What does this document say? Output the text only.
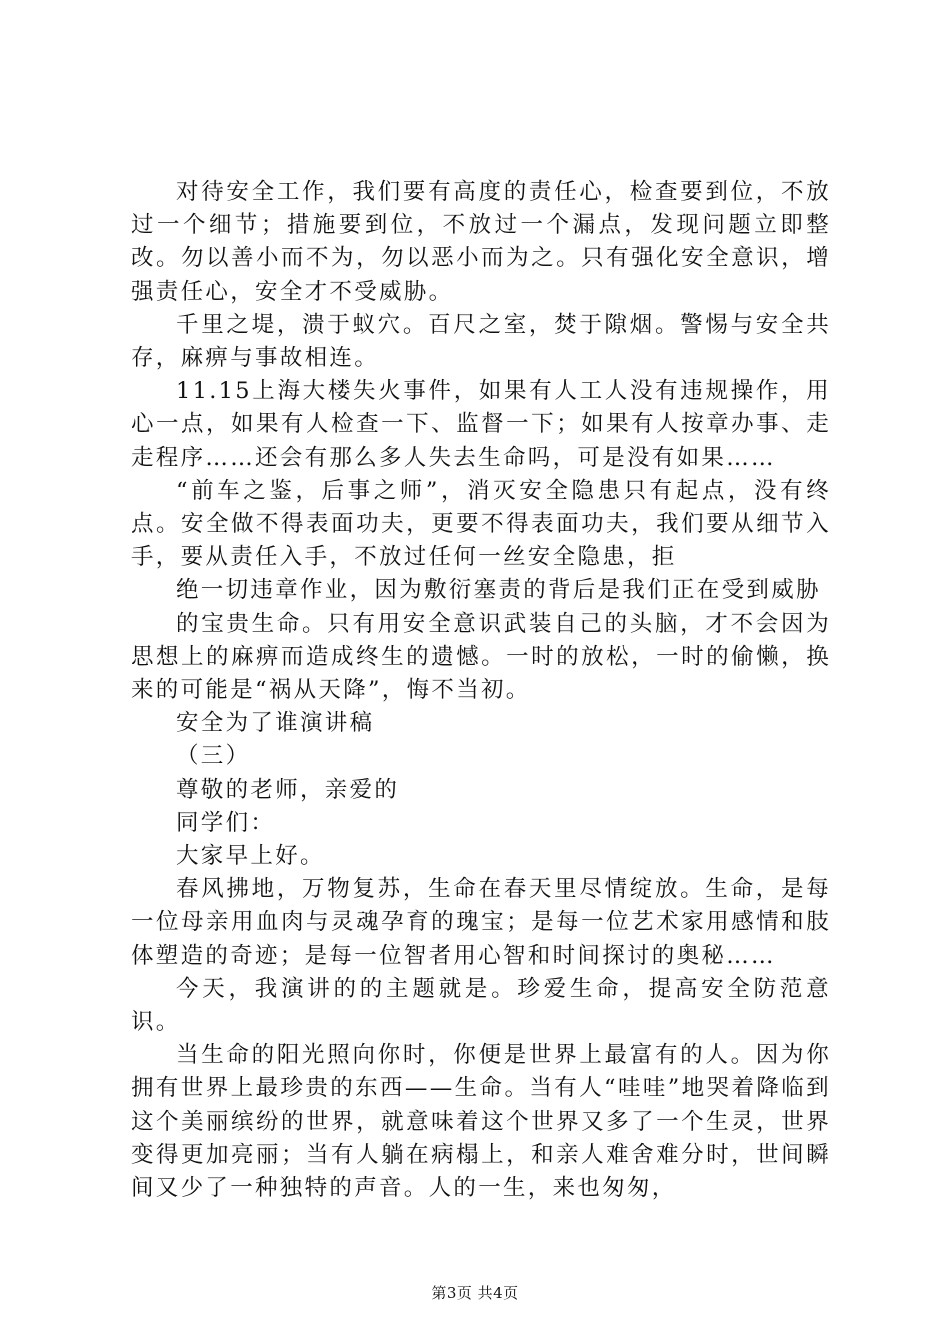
对待安全工作，我们要有高度的责任心，检查要到位，不放过一个细节；措施要到位，不放过一个漏点，发现问题立即整改。勿以善小而不为，勿以恶小而为之。只有强化安全意识，增强责任心，安全才不受威胁。

千里之堤，溃于蚁穴。百尺之室，焚于隙烟。警惕与安全共存，麻痹与事故相连。

11.15上海大楼失火事件，如果有人工人没有违规操作，用心一点，如果有人检查一下、监督一下；如果有人按章办事、走走程序……还会有那么多人失去生命吗，可是没有如果……

“前车之鉴，后事之师”，消灭安全隐患只有起点，没有终点。安全做不得表面功夫，更要不得表面功夫，我们要从细节入手，要从责任入手，不放过任何一丝安全隐患，拒

绝一切违章作业，因为敷衍塞责的背后是我们正在受到威胁

的宝贵生命。只有用安全意识武装自己的头脑，才不会因为思想上的麻痹而造成终生的遗憾。一时的放松，一时的偷懒，换来的可能是“祸从天降”，悔不当初。

安全为了谁演讲稿

（三）

尊敬的老师，亲爱的

同学们：

大家早上好。

春风拂地，万物复苏，生命在春天里尽情绽放。生命，是每一位母亲用血肉与灵魂孕育的瑰宝；是每一位艺术家用感情和肢体塑造的奇迹；是每一位智者用心智和时间探讨的奥秘……

今天，我演讲的的主题就是。珍爱生命，提高安全防范意识。

当生命的阳光照向你时，你便是世界上最富有的人。因为你拥有世界上最珍贵的东西——生命。当有人“哇哇”地哭着降临到这个美丽缤纷的世界，就意味着这个世界又多了一个生灵，世界变得更加亮丽；当有人躺在病榻上，和亲人难舍难分时，世间瞬间又少了一种独特的声音。人的一生，来也匆匆，

第3页 共4页
